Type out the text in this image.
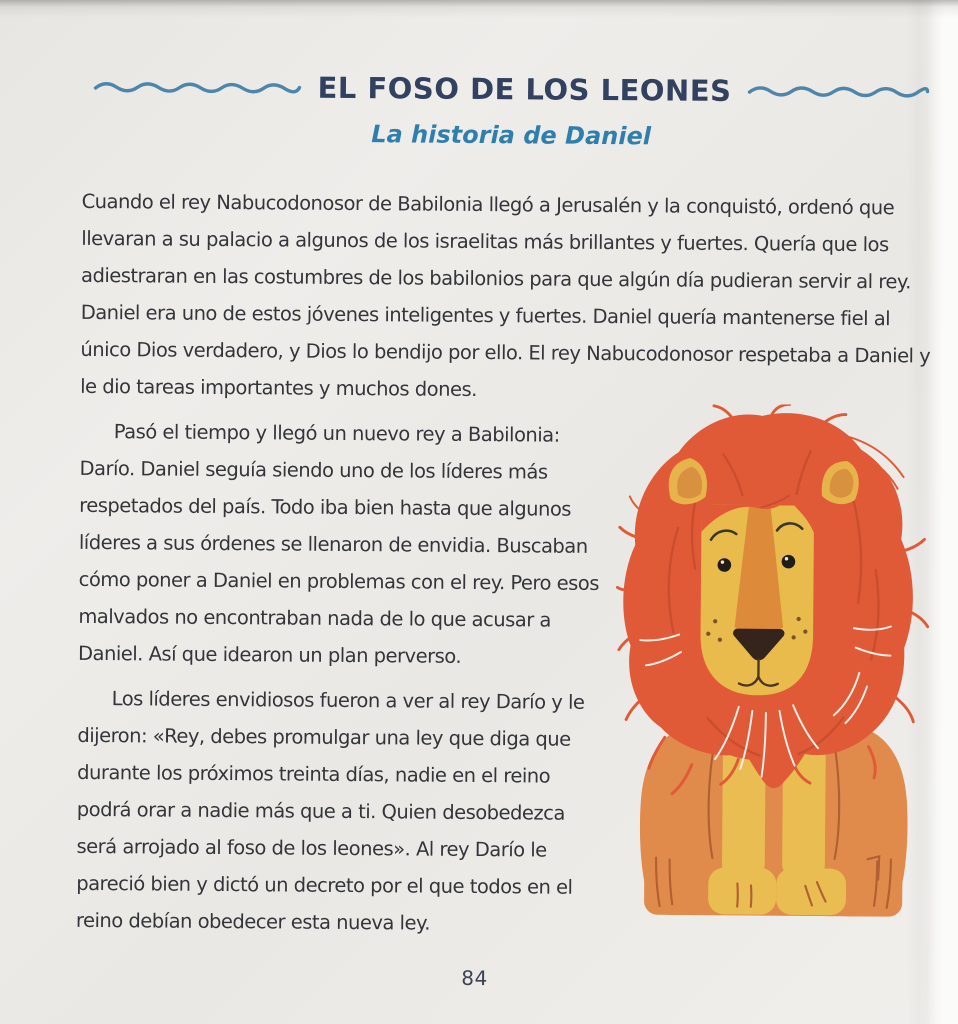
EL FOSO DE LOS LEONES
La historia de Daniel

Cuando el rey Nabucodonosor de Babilonia llegó a Jerusalén y la conquistó, ordenó que llevaran a su palacio a algunos de los israelitas más brillantes y fuertes. Quería que los adiestraran en las costumbres de los babilonios para que algún día pudieran servir al rey. Daniel era uno de estos jóvenes inteligentes y fuertes. Daniel quería mantenerse fiel al único Dios verdadero, y Dios lo bendijo por ello. El rey Nabucodonosor respetaba a Daniel y le dio tareas importantes y muchos dones.

Pasó el tiempo y llegó un nuevo rey a Babilonia: Darío. Daniel seguía siendo uno de los líderes más respetados del país. Todo iba bien hasta que algunos líderes a sus órdenes se llenaron de envidia. Buscaban cómo poner a Daniel en problemas con el rey. Pero esos malvados no encontraban nada de lo que acusar a Daniel. Así que idearon un plan perverso.

Los líderes envidiosos fueron a ver al rey Darío y le dijeron: «Rey, debes promulgar una ley que diga que durante los próximos treinta días, nadie en el reino podrá orar a nadie más que a ti. Quien desobedezca será arrojado al foso de los leones». Al rey Darío le pareció bien y dictó un decreto por el que todos en el reino debían obedecer esta nueva ley.

84
